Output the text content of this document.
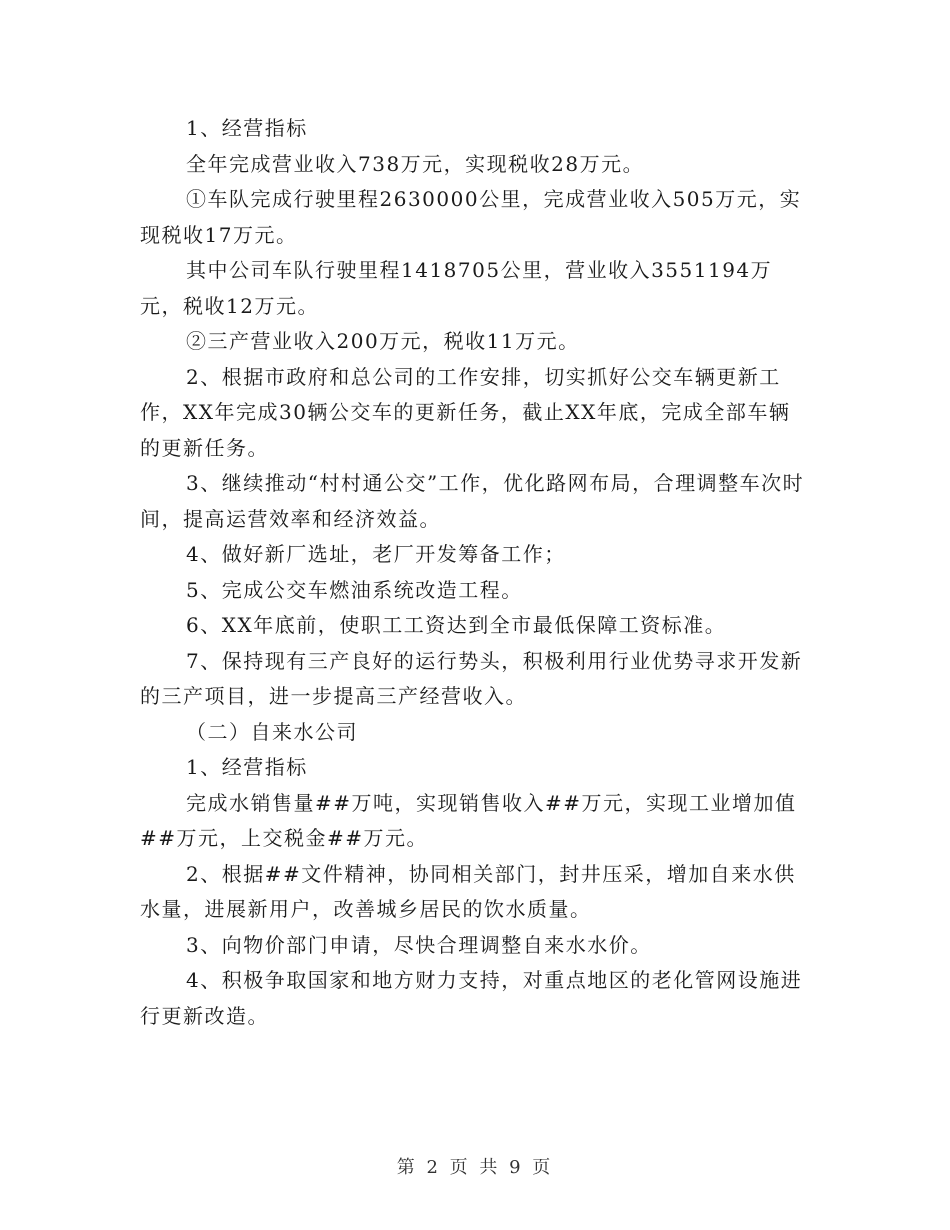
1、经营指标

全年完成营业收入738万元，实现税收28万元。

①车队完成行驶里程2630000公里，完成营业收入505万元，实现税收17万元。

其中公司车队行驶里程1418705公里，营业收入3551194万元，税收12万元。

②三产营业收入200万元，税收11万元。

2、根据市政府和总公司的工作安排，切实抓好公交车辆更新工作，XX年完成30辆公交车的更新任务，截止XX年底，完成全部车辆的更新任务。

3、继续推动“村村通公交”工作，优化路网布局，合理调整车次时间，提高运营效率和经济效益。

4、做好新厂选址，老厂开发筹备工作；

5、完成公交车燃油系统改造工程。

6、XX年底前，使职工工资达到全市最低保障工资标准。

7、保持现有三产良好的运行势头，积极利用行业优势寻求开发新的三产项目，进一步提高三产经营收入。

（二）自来水公司

1、经营指标

完成水销售量##万吨，实现销售收入##万元，实现工业增加值##万元，上交税金##万元。

2、根据##文件精神，协同相关部门，封井压采，增加自来水供水量，进展新用户，改善城乡居民的饮水质量。

3、向物价部门申请，尽快合理调整自来水水价。

4、积极争取国家和地方财力支持，对重点地区的老化管网设施进行更新改造。

第 2 页 共 9 页
